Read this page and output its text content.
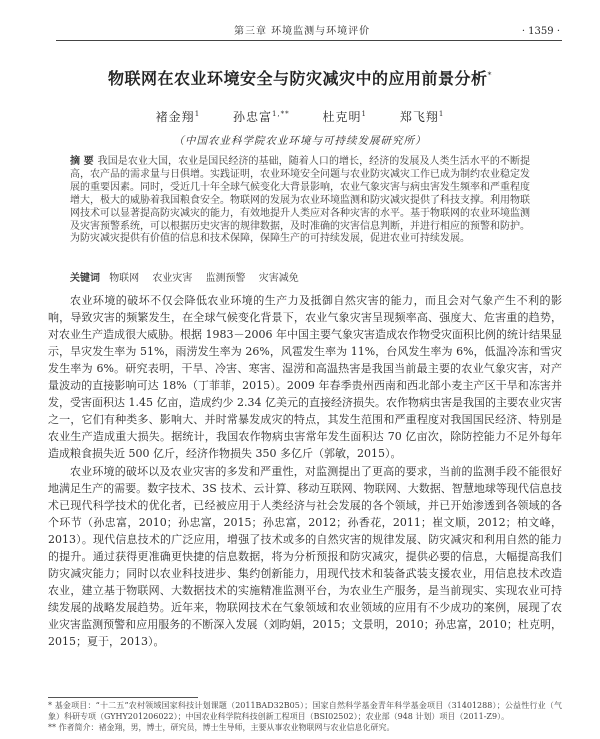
第三章 环境监测与环境评价	· 1359 ·
物联网在农业环境安全与防灾减灾中的应用前景分析*
褚金翔$^1$	孙忠富$^{1,**}$	杜克明$^1$	郑飞翔$^1$
（中国农业科学院农业环境与可持续发展研究所）
摘 要 我国是农业大国，农业是国民经济的基础，随着人口的增长，经济的发展及人类生活水平的不断提高，农产品的需求量与日俱增。实践证明，农业环境安全问题与农业防灾减灾工作已成为制约农业稳定发展的重要因素。同时，受近几十年全球气候变化大背景影响，农业气象灾害与病虫害发生频率和严重程度增大，极大的威胁着我国粮食安全。物联网的发展为农业环境监测和防灾减灾提供了科技支撑。利用物联网技术可以显著提高防灾减灾的能力，有效地提升人类应对各种灾害的水平。基于物联网的农业环境监测及灾害预警系统，可以根据历史灾害的规律数据，及时准确的灾害信息判断，并进行相应的预警和防护。为防灾减灾提供有价值的信息和技术保障，保障生产的可持续发展，促进农业可持续发展。
关键词 物联网 农业灾害 监测预警 灾害减免

农业环境的破坏不仅会降低农业环境的生产力及抵御自然灾害的能力，而且会对气象产生不利的影响，导致灾害的频繁发生，在全球气候变化背景下，农业气象灾害呈现频率高、强度大、危害重的趋势，对农业生产造成很大威胁。根据 1983－2006 年中国主要气象灾害造成农作物受灾面积比例的统计结果显示，旱灾发生率为 51%，雨涝发生率为 26%，风雹发生率为 11%，台风发生率为 6%，低温冷冻和雪灾发生率为 6%。研究表明，干旱、冷害、寒害、湿涝和高温热害是我国当前最主要的农业气象灾害，对产量波动的直接影响可达 18%（丁菲菲，2015）。2009 年春季贵州西南和西北部小麦主产区干旱和冻害并发，受害面积达 1.45 亿亩，造成约少 2.34 亿美元的直接经济损失。农作物病虫害是我国的主要农业灾害之一，它们有种类多、影响大、并时常暴发成灾的特点，其发生范围和严重程度对我国国民经济、特别是农业生产造成重大损失。据统计，我国农作物病虫害常年发生面积达 70 亿亩次，除防控能力不足外每年造成粮食损失近 500 亿斤，经济作物损失 350 多亿斤（郭敏，2015）。

农业环境的破坏以及农业灾害的多发和严重性，对监测提出了更高的要求，当前的监测手段不能很好地满足生产的需要。数字技术、3S 技术、云计算、移动互联网、物联网、大数据、智慧地球等现代信息技术已现代科学技术的优化者，已经被应用于人类经济与社会发展的各个领域，并已开始渗透到各领域的各个环节（孙忠富，2010；孙忠富，2015；孙忠富，2012；孙香花，2011；崔文顺，2012；柏文峰，2013）。现代信息技术的广泛应用，增强了技术或多的自然灾害的规律发展、防灾减灾和利用自然的能力的提升。通过获得更准确更快捷的信息数据，将为分析预报和防灾减灾，提供必要的信息，大幅提高我们防灾减灾能力；同时以农业科技进步、集约创新能力，用现代技术和装备武装支援农业，用信息技术改造农业，建立基于物联网、大数据技术的实施精准监测平台，为农业生产服务，是当前现实、实现农业可持续发展的战略发展趋势。近年来，物联网技术在气象领域和农业领域的应用有不少成功的案例，展现了农业灾害监测预警和应用服务的不断深入发展（刘昀娟，2015；文景明，2010；孙忠富，2010；杜克明，2015；夏于，2013）。

* 基金项目：“十二五”农村领域国家科技计划课题（2011BAD32B05）；国家自然科学基金青年科学基金项目（31401288）；公益性行业（气象）科研专项（GYHY201206022）；中国农业科学院科技创新工程项目（BSI02502）；农业部（948 计划）项目（2011-Z9）。
** 作者简介：褚金翔，男，博士，研究员，博士生导师，主要从事农业物联网与农业信息化研究。
